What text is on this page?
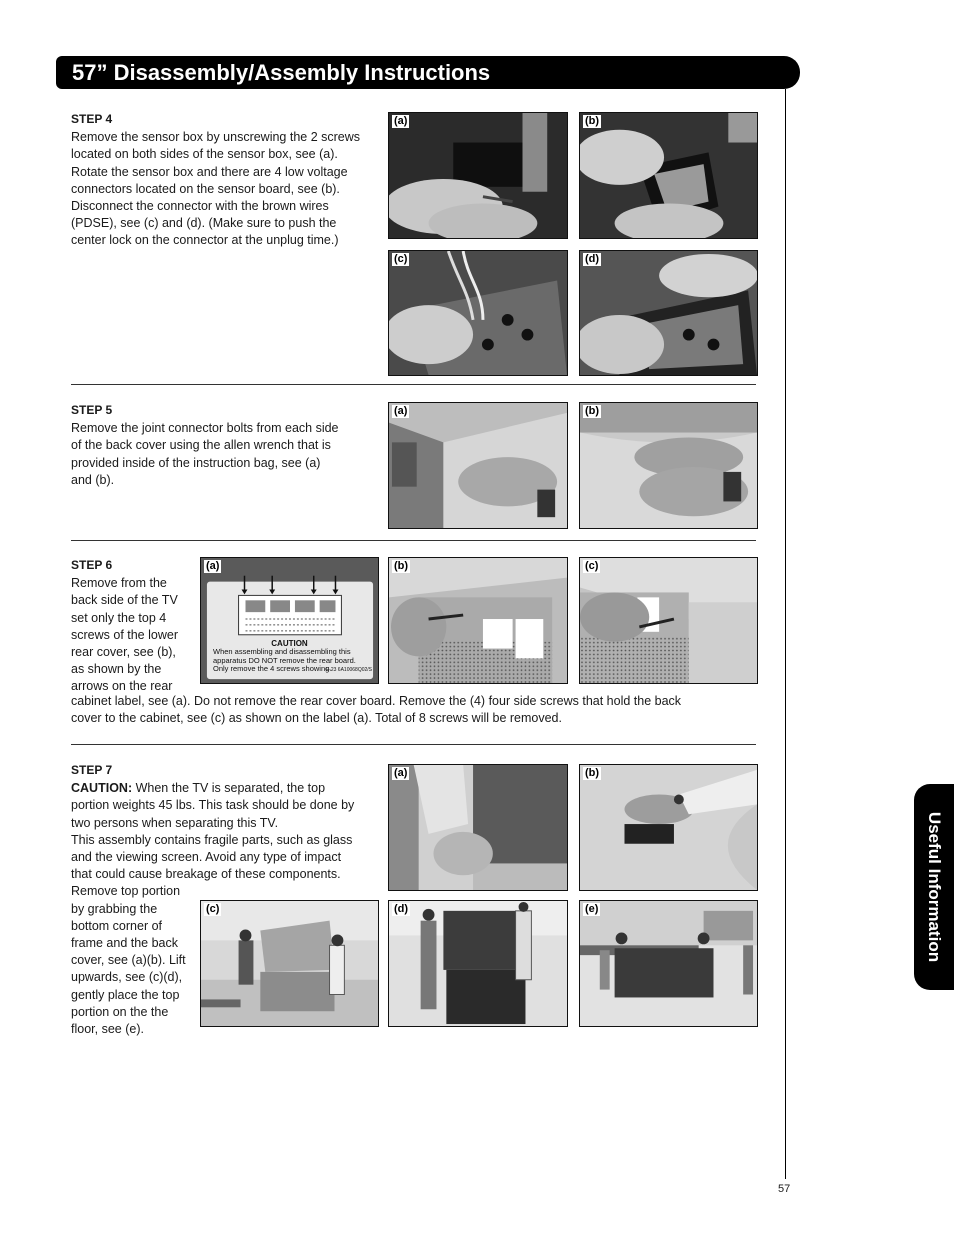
57” Disassembly/Assembly Instructions
Useful Information
STEP 4
Remove the sensor box by unscrewing the 2 screws
located on both sides of the sensor box, see (a).
Rotate the sensor box and there are 4 low voltage
connectors located on the sensor board, see (b).
Disconnect the connector with the brown wires
(PDSE), see (c) and (d). (Make sure to push the
center lock on the connector at the unplug time.)
(a)	(b)
(c)	(d)
STEP 5
Remove the joint connector bolts from each side
of the back cover using the allen wrench that is
provided inside of the instruction bag, see (a)
and (b).
(a)	(b)
STEP 6
Remove from the
back side of the TV
set only the top 4
screws of the lower
rear cover, see (b),
as shown by the
arrows on the rear
cabinet label, see (a). Do not remove the rear cover board. Remove the (4) four side screws that hold the back
cover to the cabinet, see (c) as shown on the label (a). Total of 8 screws will be removed.
(a)
CAUTION
When assembling and disassembling this
apparatus DO NOT remove the rear board.
Only remove the 4 screws showing.
E-23 6A10068Q02/S
(b)	(c)
STEP 7
CAUTION: When the TV is separated, the top
portion weights 45 lbs. This task should be done by
two persons when separating this TV.
This assembly contains fragile parts, such as glass
and the viewing screen. Avoid any type of impact
that could cause breakage of these components.
Remove top portion
by grabbing the
bottom corner of
frame and the back
cover, see (a)(b). Lift
upwards, see (c)(d),
gently place the top
portion on the the
floor, see (e).
(a)	(b)
(c)	(d)	(e)
57
